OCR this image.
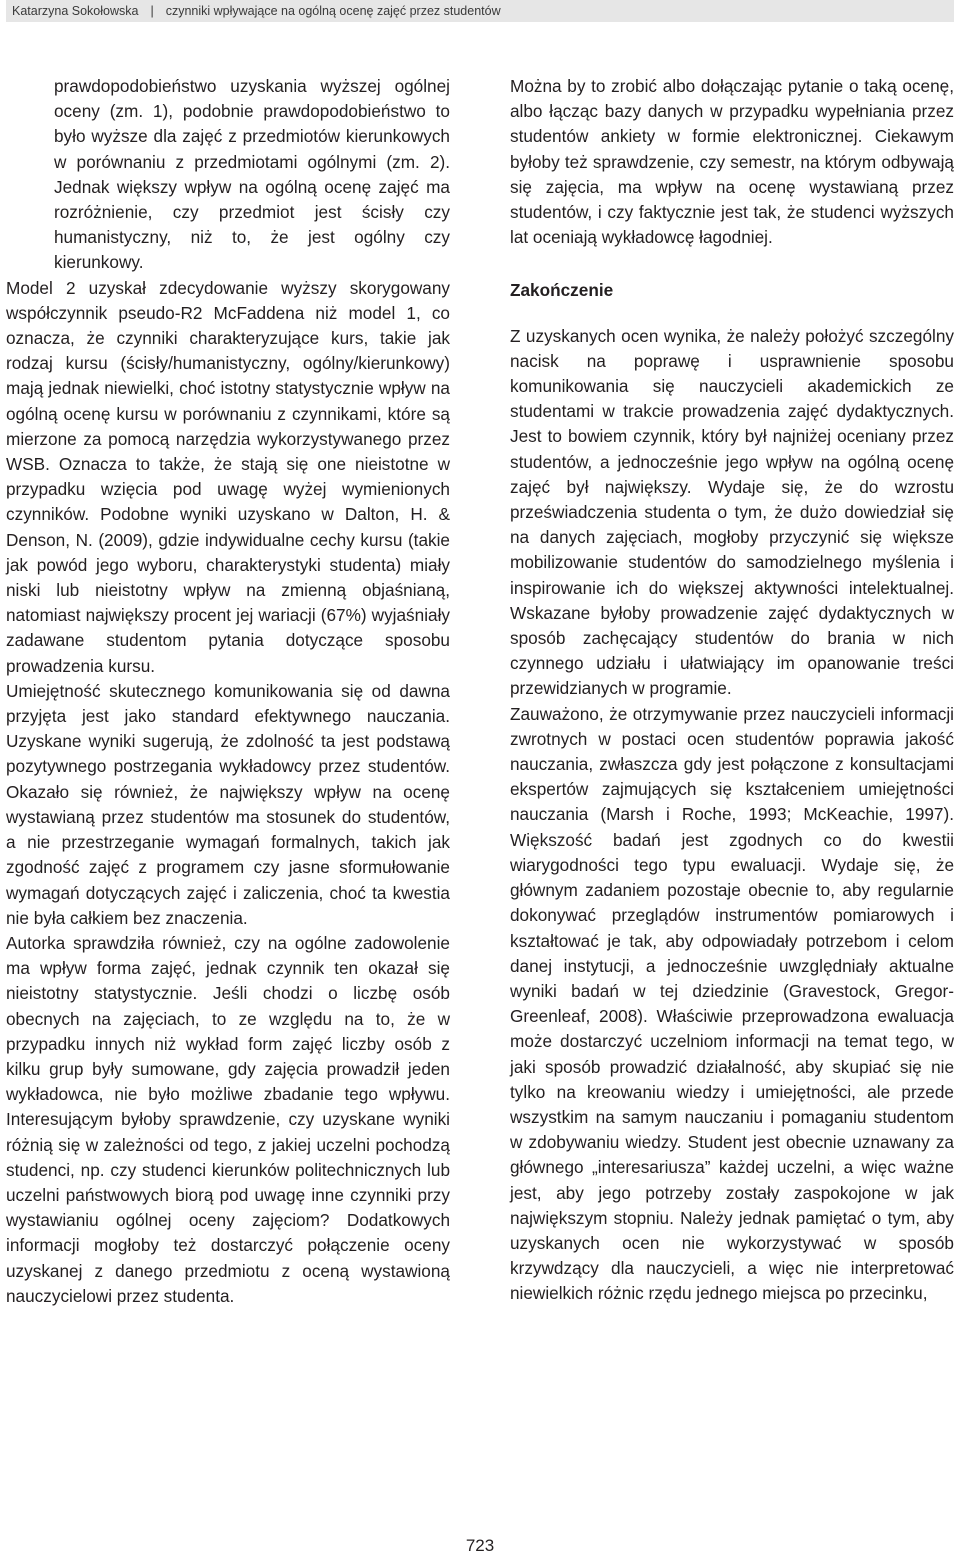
Katarzyna Sokołowska | czynniki wpływające na ogólną ocenę zajęć przez studentów

prawdopodobieństwo uzyskania wyższej ogólnej oceny (zm. 1), podobnie prawdopodobieństwo to było wyższe dla zajęć z przedmiotów kierunkowych w porównaniu z przedmiotami ogólnymi (zm. 2). Jednak większy wpływ na ogólną ocenę zajęć ma rozróżnienie, czy przedmiot jest ścisły czy humanistyczny, niż to, że jest ogólny czy kierunkowy.

Model 2 uzyskał zdecydowanie wyższy skorygowany współczynnik pseudo-R2 McFaddena niż model 1, co oznacza, że czynniki charakteryzujące kurs, takie jak rodzaj kursu (ścisły/humanistyczny, ogólny/kierunkowy) mają jednak niewielki, choć istotny statystycznie wpływ na ogólną ocenę kursu w porównaniu z czynnikami, które są mierzone za pomocą narzędzia wykorzystywanego przez WSB. Oznacza to także, że stają się one nieistotne w przypadku wzięcia pod uwagę wyżej wymienionych czynników. Podobne wyniki uzyskano w Dalton, H. & Denson, N. (2009), gdzie indywidualne cechy kursu (takie jak powód jego wyboru, charakterystyki studenta) miały niski lub nieistotny wpływ na zmienną objaśnianą, natomiast największy procent jej wariacji (67%) wyjaśniały zadawane studentom pytania dotyczące sposobu prowadzenia kursu.

Umiejętność skutecznego komunikowania się od dawna przyjęta jest jako standard efektywnego nauczania. Uzyskane wyniki sugerują, że zdolność ta jest podstawą pozytywnego postrzegania wykładowcy przez studentów. Okazało się również, że największy wpływ na ocenę wystawianą przez studentów ma stosunek do studentów, a nie przestrzeganie wymagań formalnych, takich jak zgodność zajęć z programem czy jasne sformułowanie wymagań dotyczących zajęć i zaliczenia, choć ta kwestia nie była całkiem bez znaczenia.

Autorka sprawdziła również, czy na ogólne zadowolenie ma wpływ forma zajęć, jednak czynnik ten okazał się nieistotny statystycznie. Jeśli chodzi o liczbę osób obecnych na zajęciach, to ze względu na to, że w przypadku innych niż wykład form zajęć liczby osób z kilku grup były sumowane, gdy zajęcia prowadził jeden wykładowca, nie było możliwe zbadanie tego wpływu. Interesującym byłoby sprawdzenie, czy uzyskane wyniki różnią się w zależności od tego, z jakiej uczelni pochodzą studenci, np. czy studenci kierunków politechnicznych lub uczelni państwowych biorą pod uwagę inne czynniki przy wystawianiu ogólnej oceny zajęciom? Dodatkowych informacji mogłoby też dostarczyć połączenie oceny uzyskanej z danego przedmiotu z oceną wystawioną nauczycielowi przez studenta.

Można by to zrobić albo dołączając pytanie o taką ocenę, albo łącząc bazy danych w przypadku wypełniania przez studentów ankiety w formie elektronicznej. Ciekawym byłoby też sprawdzenie, czy semestr, na którym odbywają się zajęcia, ma wpływ na ocenę wystawianą przez studentów, i czy faktycznie jest tak, że studenci wyższych lat oceniają wykładowcę łagodniej.

Zakończenie

Z uzyskanych ocen wynika, że należy położyć szczególny nacisk na poprawę i usprawnienie sposobu komunikowania się nauczycieli akademickich ze studentami w trakcie prowadzenia zajęć dydaktycznych. Jest to bowiem czynnik, który był najniżej oceniany przez studentów, a jednocześnie jego wpływ na ogólną ocenę zajęć był największy. Wydaje się, że do wzrostu przeświadczenia studenta o tym, że dużo dowiedział się na danych zajęciach, mogłoby przyczynić się większe mobilizowanie studentów do samodzielnego myślenia i inspirowanie ich do większej aktywności intelektualnej. Wskazane byłoby prowadzenie zajęć dydaktycznych w sposób zachęcający studentów do brania w nich czynnego udziału i ułatwiający im opanowanie treści przewidzianych w programie.

Zauważono, że otrzymywanie przez nauczycieli informacji zwrotnych w postaci ocen studentów poprawia jakość nauczania, zwłaszcza gdy jest połączone z konsultacjami ekspertów zajmujących się kształceniem umiejętności nauczania (Marsh i Roche, 1993; McKeachie, 1997). Większość badań jest zgodnych co do kwestii wiarygodności tego typu ewaluacji. Wydaje się, że głównym zadaniem pozostaje obecnie to, aby regularnie dokonywać przeglądów instrumentów pomiarowych i kształtować je tak, aby odpowiadały potrzebom i celom danej instytucji, a jednocześnie uwzględniały aktualne wyniki badań w tej dziedzinie (Gravestock, Gregor-Greenleaf, 2008). Właściwie przeprowadzona ewaluacja może dostarczyć uczelniom informacji na temat tego, w jaki sposób prowadzić działalność, aby skupiać się nie tylko na kreowaniu wiedzy i umiejętności, ale przede wszystkim na samym nauczaniu i pomaganiu studentom w zdobywaniu wiedzy. Student jest obecnie uznawany za głównego „interesariusza” każdej uczelni, a więc ważne jest, aby jego potrzeby zostały zaspokojone w jak największym stopniu. Należy jednak pamiętać o tym, aby uzyskanych ocen nie wykorzystywać w sposób krzywdzący dla nauczycieli, a więc nie interpretować niewielkich różnic rzędu jednego miejsca po przecinku,

723
